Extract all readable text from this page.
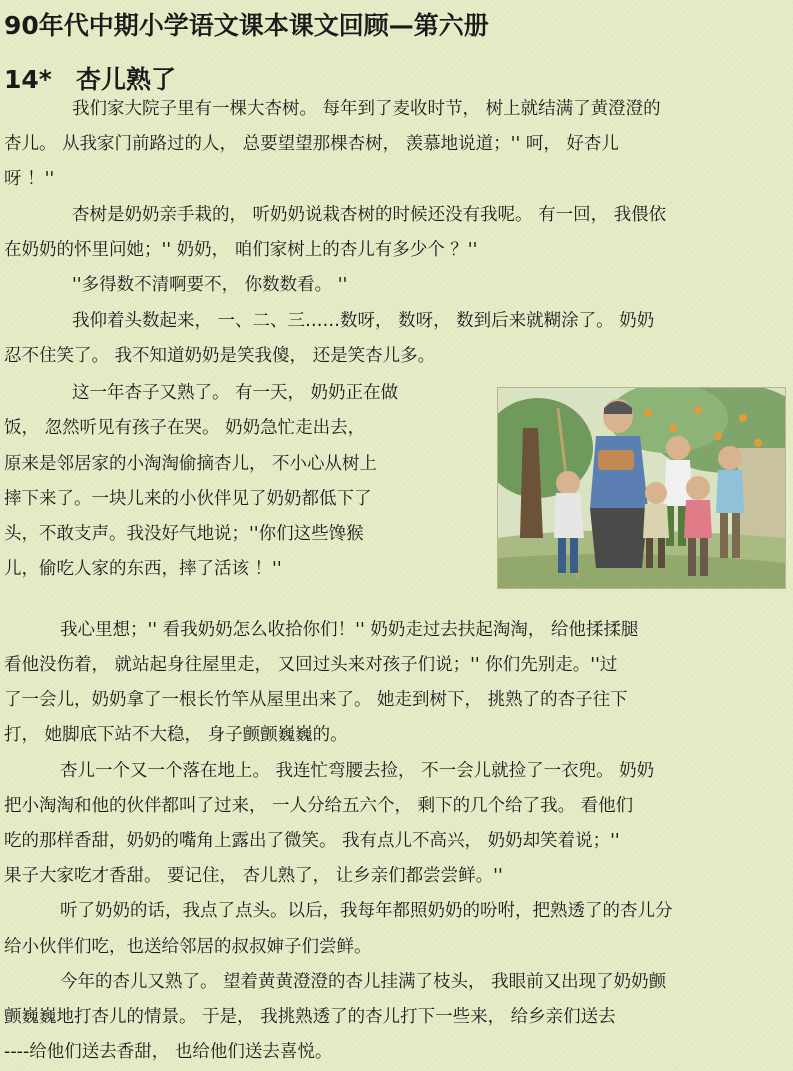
90年代中期小学语文课本课文回顾—第六册
14* 杏儿熟了
我们家大院子里有一棵大杏树。 每年到了麦收时节， 树上就结满了黄澄澄的
杏儿。 从我家门前路过的人， 总要望望那棵杏树， 羡慕地说道；'' 呵， 好杏儿
呀 ！''
杏树是奶奶亲手栽的， 听奶奶说栽杏树的时候还没有我呢。 有一回， 我偎依
在奶奶的怀里问她；'' 奶奶， 咱们家树上的杏儿有多少个 ？''
''多得数不清啊要不， 你数数看。 ''
我仰着头数起来， 一、二、三……数呀， 数呀， 数到后来就糊涂了。 奶奶
忍不住笑了。 我不知道奶奶是笑我傻， 还是笑杏儿多。
这一年杏子又熟了。 有一天， 奶奶正在做
饭， 忽然听见有孩子在哭。 奶奶急忙走出去，
原来是邻居家的小淘淘偷摘杏儿， 不小心从树上
摔下来了。一块儿来的小伙伴见了奶奶都低下了
头，不敢支声。我没好气地说；''你们这些馋猴
儿，偷吃人家的东西，摔了活该 ！''
我心里想；'' 看我奶奶怎么收拾你们！'' 奶奶走过去扶起淘淘， 给他揉揉腿
看他没伤着， 就站起身往屋里走， 又回过头来对孩子们说；'' 你们先别走。''过
了一会儿，奶奶拿了一根长竹竿从屋里出来了。 她走到树下， 挑熟了的杏子往下
打， 她脚底下站不大稳， 身子颤颤巍巍的。
杏儿一个又一个落在地上。 我连忙弯腰去捡， 不一会儿就捡了一衣兜。 奶奶
把小淘淘和他的伙伴都叫了过来， 一人分给五六个， 剩下的几个给了我。 看他们
吃的那样香甜，奶奶的嘴角上露出了微笑。 我有点儿不高兴， 奶奶却笑着说；''
果子大家吃才香甜。 要记住， 杏儿熟了， 让乡亲们都尝尝鲜。''
听了奶奶的话，我点了点头。以后，我每年都照奶奶的吩咐，把熟透了的杏儿分
给小伙伴们吃，也送给邻居的叔叔婶子们尝鲜。
今年的杏儿又熟了。 望着黄黄澄澄的杏儿挂满了枝头， 我眼前又出现了奶奶颤
颤巍巍地打杏儿的情景。 于是， 我挑熟透了的杏儿打下一些来， 给乡亲们送去
----给他们送去香甜， 也给他们送去喜悦。
